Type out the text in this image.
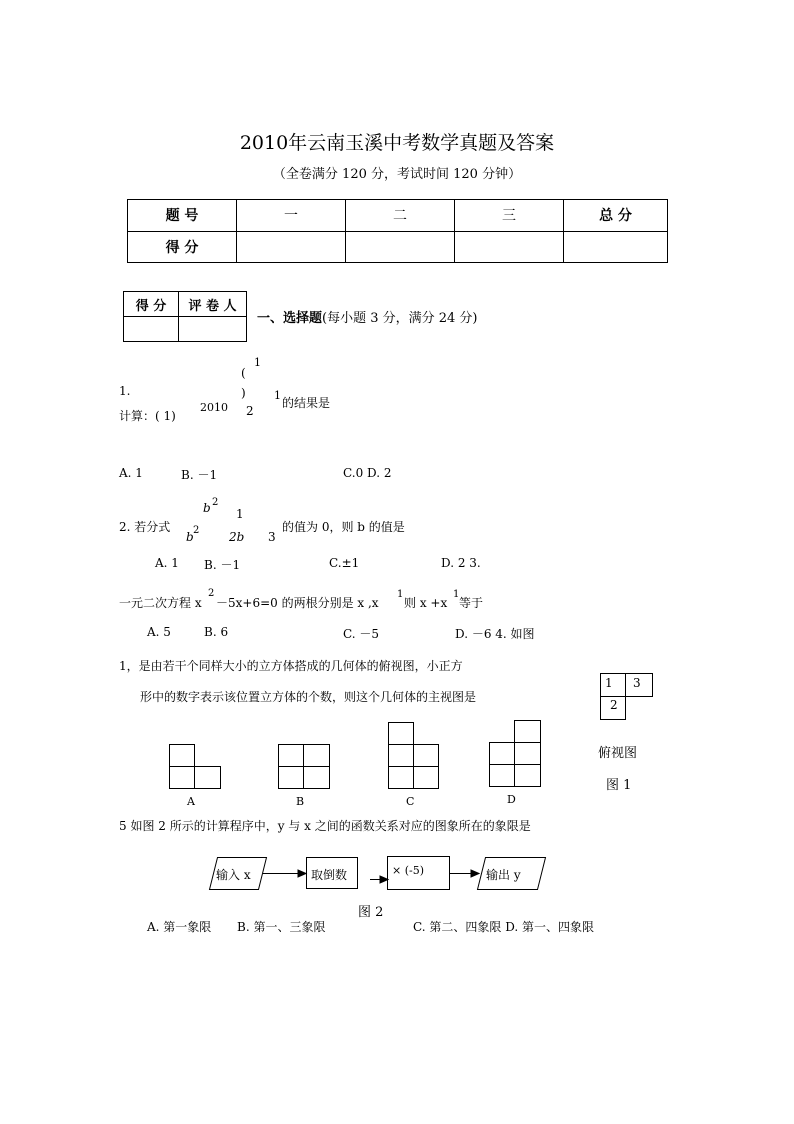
2010年云南玉溪中考数学真题及答案
（全卷满分 120 分，考试时间 120 分钟）
题 号	一	二	三	总 分
得 分				
得 分	评 卷 人

一、选择题(每小题 3 分，满分 24 分)
1.
计算：( 1)
2010
(
1
)
2
1
的结果是
A. 1	B. －1	C.0 D. 2
b 2
1
2. 若分式
b 2 2b 3
的值为 0，则 b 的值是
A. 1 B. －1	C.±1	D. 2 3.
一元二次方程 x
2
－5x+6=0 的两根分别是 x ,x
1
则 x +x
1
等于
A. 5	B. 6	C. －5	D. －6 4. 如图
1，是由若干个同样大小的立方体搭成的几何体的俯视图，小正方
形中的数字表示该位置立方体的个数，则这个几何体的主视图是
1 3
2
A	B	C	D
俯视图
图 1
5 如图 2 所示的计算程序中，y 与 x 之间的函数关系对应的图象所在的象限是
输入 x	取倒数	× (-5)	输出 y
图 2
A. 第一象限 B. 第一、三象限	C. 第二、四象限 D. 第一、四象限
